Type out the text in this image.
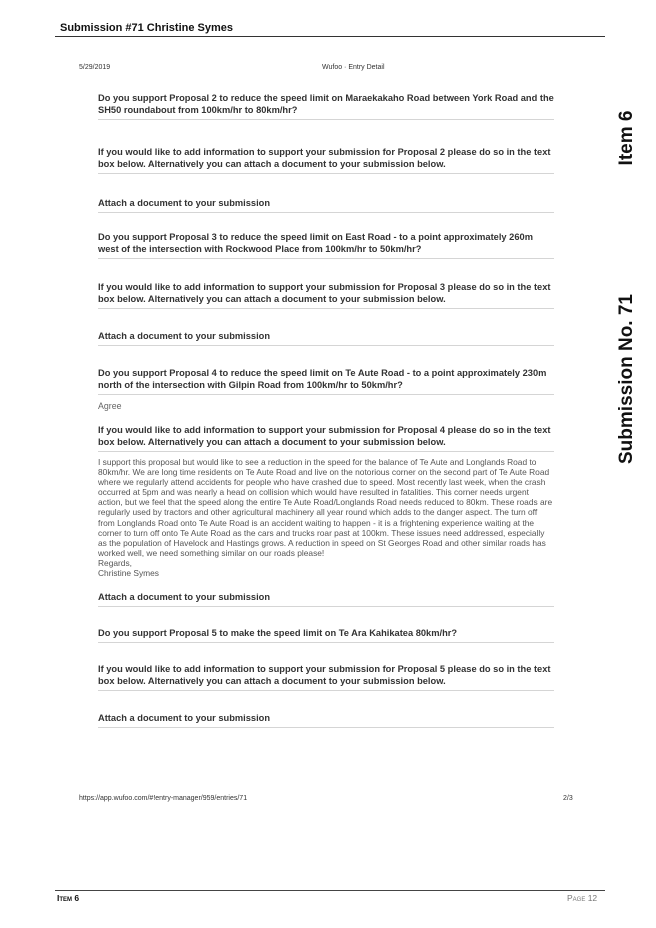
Submission #71 Christine Symes
5/29/2019	Wufoo · Entry Detail
Item 6
Submission No. 71
Do you support Proposal 2 to reduce the speed limit on Maraekakaho Road between York Road and the SH50 roundabout from 100km/hr to 80km/hr?
If you would like to add information to support your submission for Proposal 2 please do so in the text box below. Alternatively you can attach a document to your submission below.
Attach a document to your submission
Do you support Proposal 3 to reduce the speed limit on East Road - to a point approximately 260m west of the intersection with Rockwood Place from 100km/hr to 50km/hr?
If you would like to add information to support your submission for Proposal 3 please do so in the text box below. Alternatively you can attach a document to your submission below.
Attach a document to your submission
Do you support Proposal 4 to reduce the speed limit on Te Aute Road - to a point approximately 230m north of the intersection with Gilpin Road from 100km/hr to 50km/hr?
Agree
If you would like to add information to support your submission for Proposal 4 please do so in the text box below. Alternatively you can attach a document to your submission below.
I support this proposal but would like to see a reduction in the speed for the balance of Te Aute and Longlands Road to 80km/hr. We are long time residents on Te Aute Road and live on the notorious corner on the second part of Te Aute Road where we regularly attend accidents for people who have crashed due to speed. Most recently last week, when the crash occurred at 5pm and was nearly a head on collision which would have resulted in fatalities. This corner needs urgent action, but we feel that the speed along the entire Te Aute Road/Longlands Road needs reduced to 80km. These roads are regularly used by tractors and other agricultural machinery all year round which adds to the danger aspect. The turn off from Longlands Road onto Te Aute Road is an accident waiting to happen - it is a frightening experience waiting at the corner to turn off onto Te Aute Road as the cars and trucks roar past at 100km. These issues need addressed, especially as the population of Havelock and Hastings grows. A reduction in speed on St Georges Road and other similar roads has worked well, we need something similar on our roads please!
Regards,
Christine Symes
Attach a document to your submission
Do you support Proposal 5 to make the speed limit on Te Ara Kahikatea 80km/hr?
If you would like to add information to support your submission for Proposal 5 please do so in the text box below. Alternatively you can attach a document to your submission below.
Attach a document to your submission
https://app.wufoo.com/#!entry-manager/959/entries/71	2/3
Item 6	Page 12
